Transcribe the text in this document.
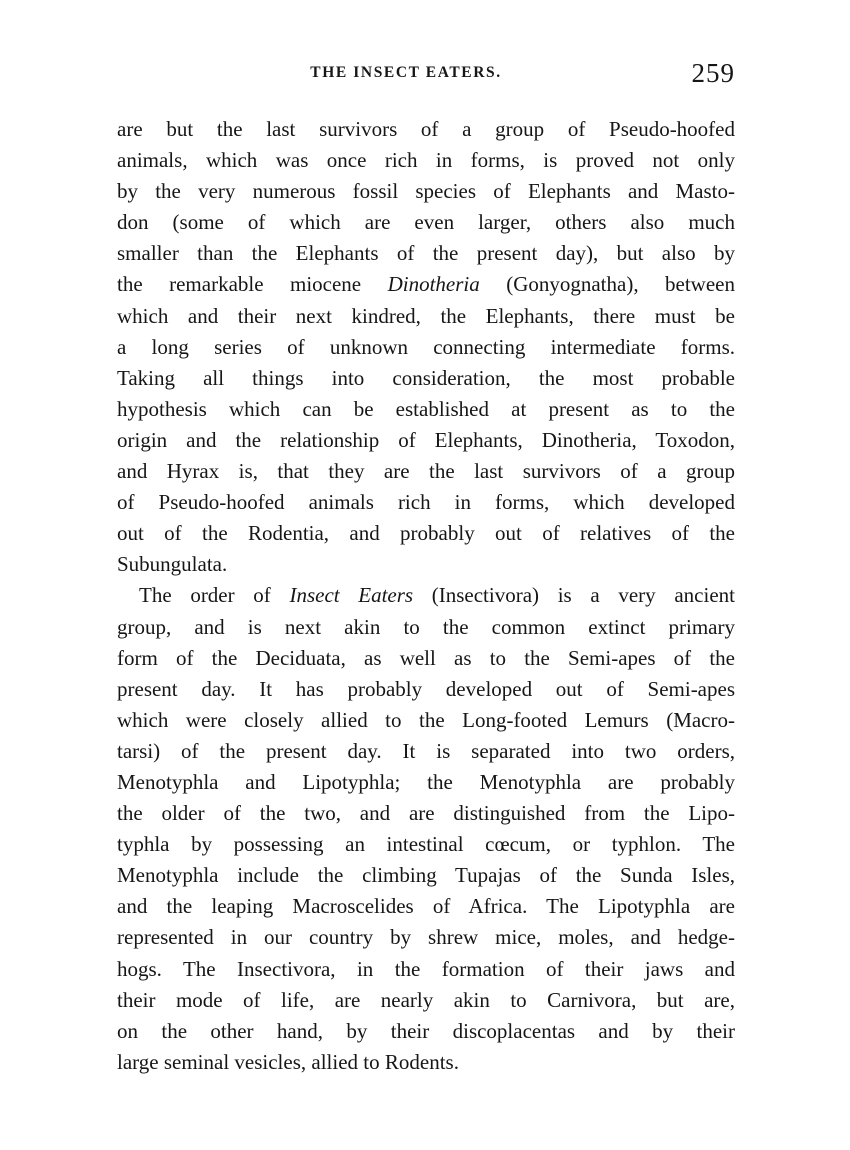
THE INSECT EATERS.	259
are but the last survivors of a group of Pseudo-hoofed
animals, which was once rich in forms, is proved not only
by the very numerous fossil species of Elephants and Masto-
don (some of which are even larger, others also much
smaller than the Elephants of the present day), but also by
the remarkable miocene Dinotheria (Gonyognatha), between
which and their next kindred, the Elephants, there must be
a long series of unknown connecting intermediate forms.
Taking all things into consideration, the most probable
hypothesis which can be established at present as to the
origin and the relationship of Elephants, Dinotheria, Toxodon,
and Hyrax is, that they are the last survivors of a group
of Pseudo-hoofed animals rich in forms, which developed
out of the Rodentia, and probably out of relatives of the
Subungulata.
The order of Insect Eaters (Insectivora) is a very ancient
group, and is next akin to the common extinct primary
form of the Deciduata, as well as to the Semi-apes of the
present day. It has probably developed out of Semi-apes
which were closely allied to the Long-footed Lemurs (Macro-
tarsi) of the present day. It is separated into two orders,
Menotyphla and Lipotyphla; the Menotyphla are probably
the older of the two, and are distinguished from the Lipo-
typhla by possessing an intestinal cœcum, or typhlon. The
Menotyphla include the climbing Tupajas of the Sunda Isles,
and the leaping Macroscelides of Africa. The Lipotyphla are
represented in our country by shrew mice, moles, and hedge-
hogs. The Insectivora, in the formation of their jaws and
their mode of life, are nearly akin to Carnivora, but are,
on the other hand, by their discoplacentas and by their
large seminal vesicles, allied to Rodents.
